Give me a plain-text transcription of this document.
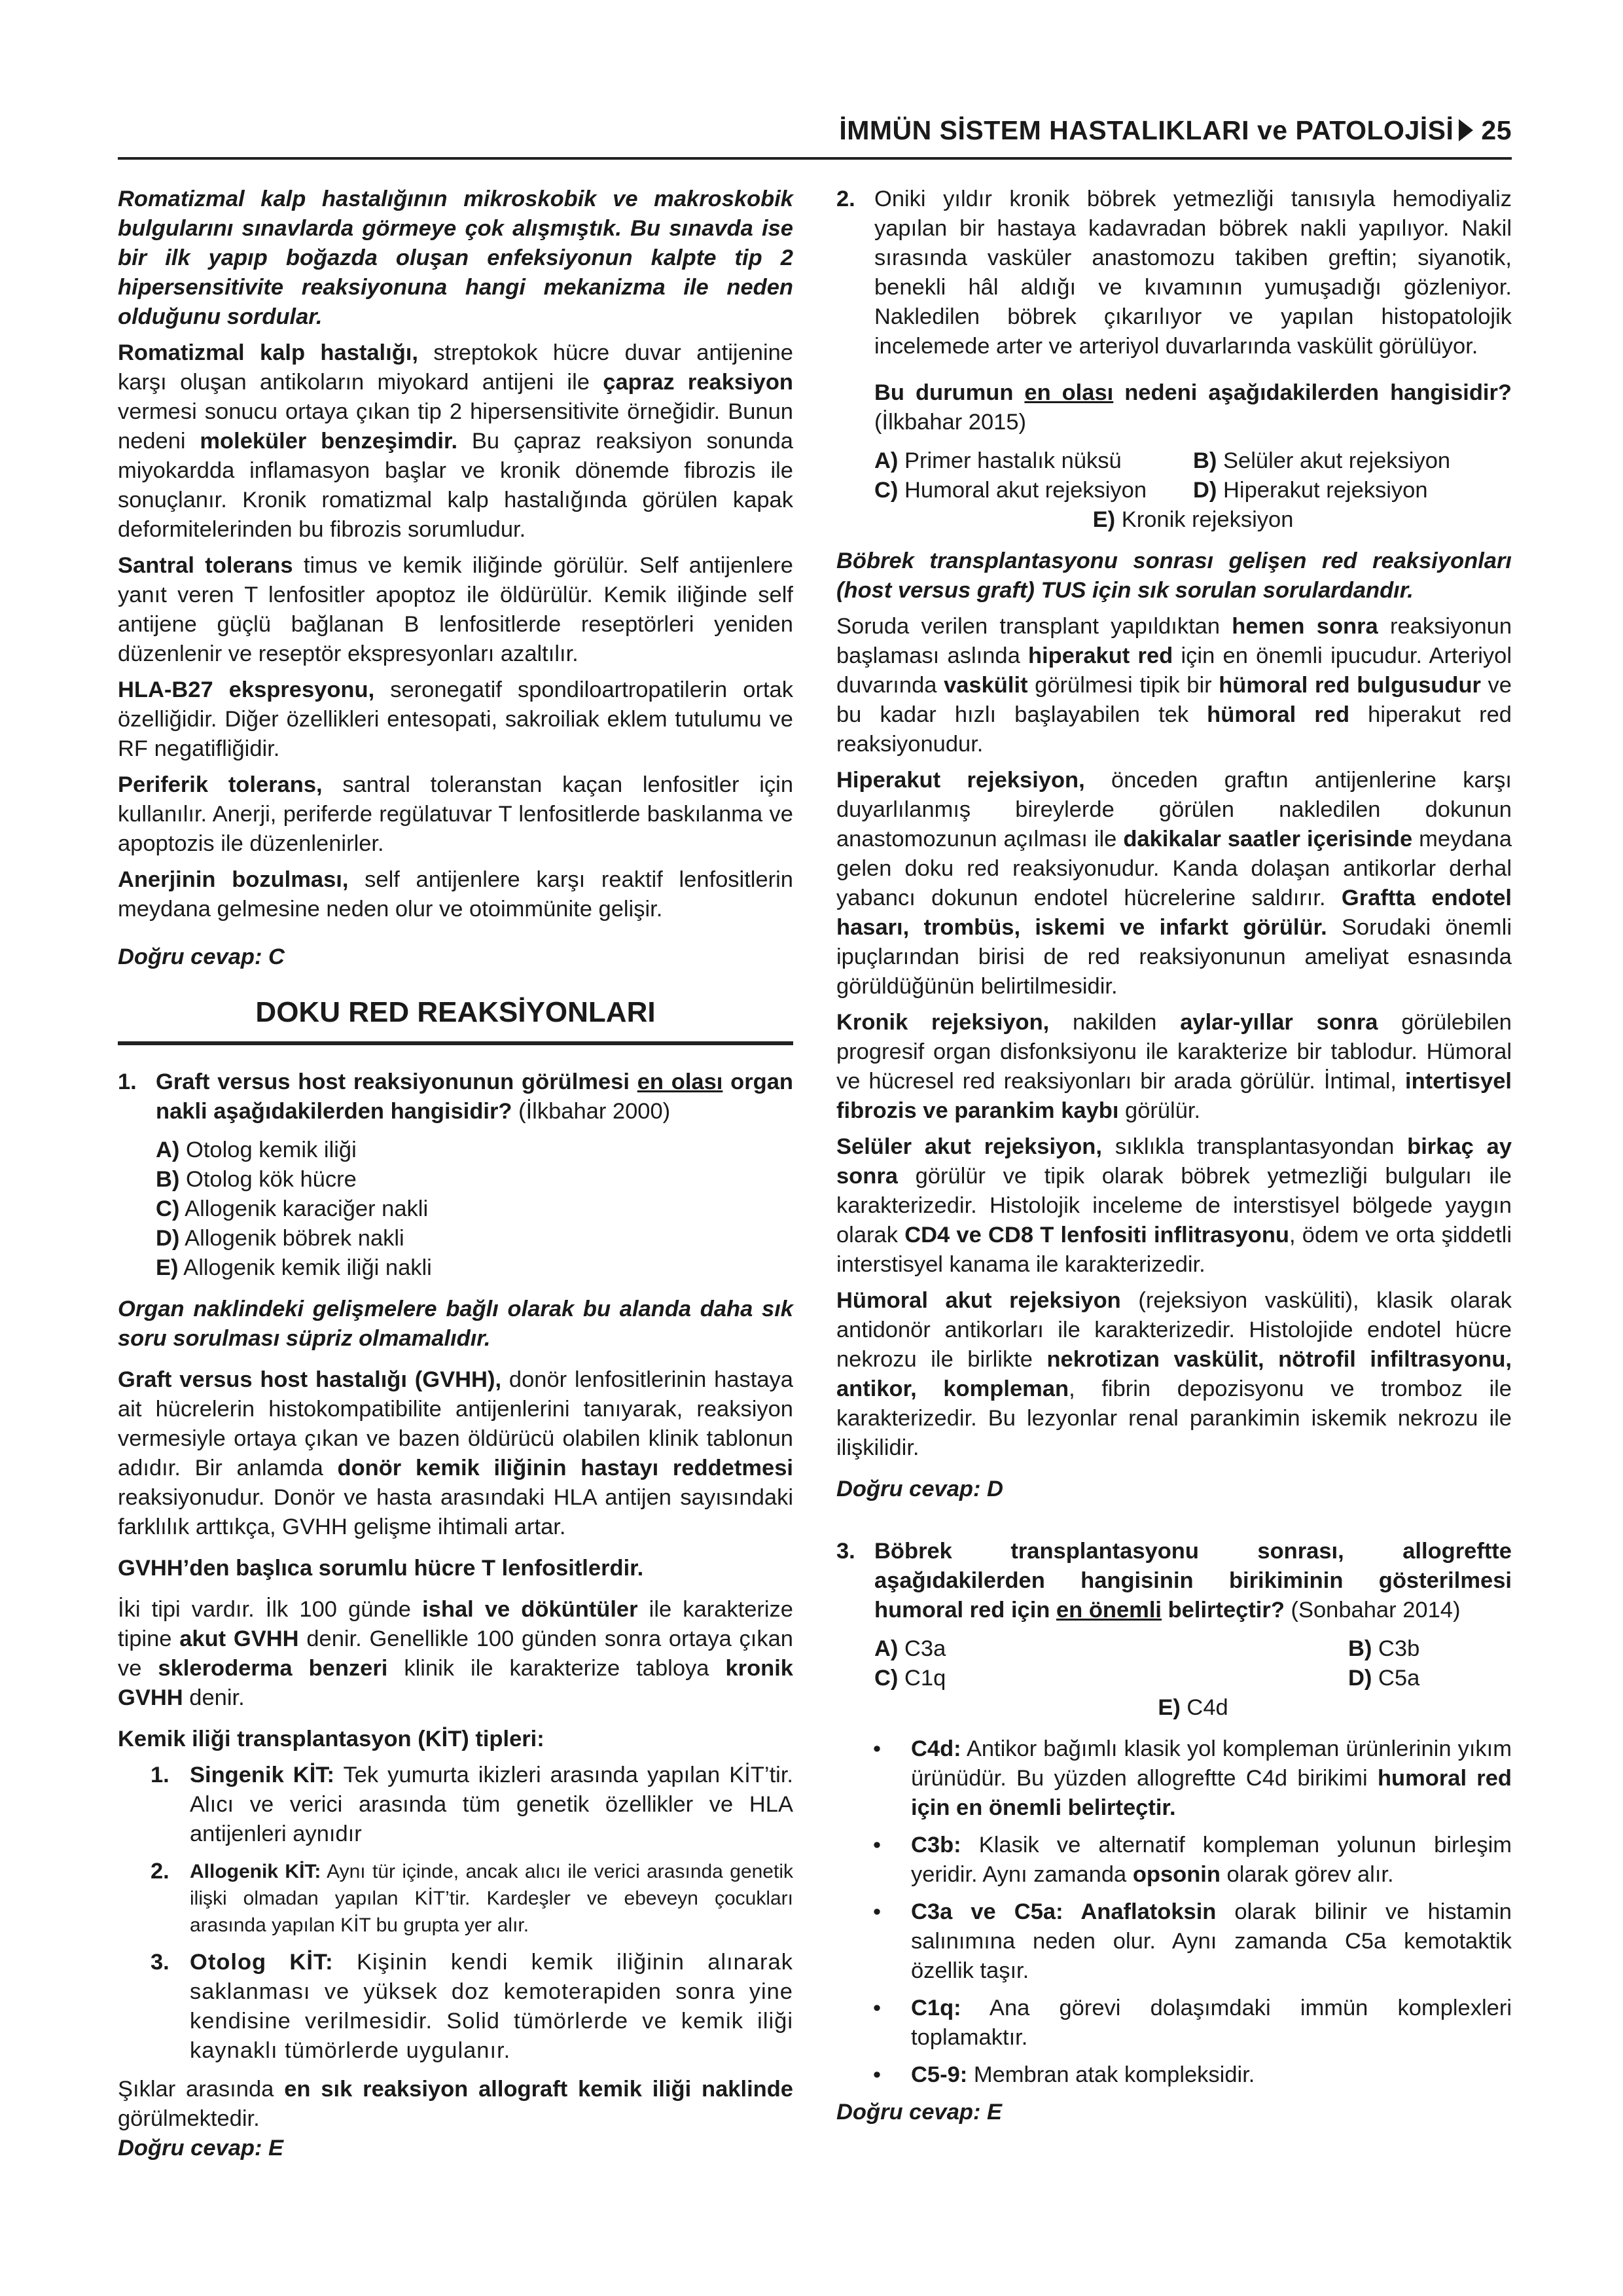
İMMÜN SİSTEM HASTALIKLARI ve PATOLOJİSİ 25

Romatizmal kalp hastalığının mikroskobik ve makroskobik bulgularını sınavlarda görmeye çok alışmıştık. Bu sınavda ise bir ilk yapıp boğazda oluşan enfeksiyonun kalpte tip 2 hipersensitivite reaksiyonuna hangi mekanizma ile neden olduğunu sordular.

Romatizmal kalp hastalığı, streptokok hücre duvar antijenine karşı oluşan antikoların miyokard antijeni ile çapraz reaksiyon vermesi sonucu ortaya çıkan tip 2 hipersensitivite örneğidir. Bunun nedeni moleküler benzeşimdir. Bu çapraz reaksiyon sonunda miyokardda inflamasyon başlar ve kronik dönemde fibrozis ile sonuçlanır. Kronik romatizmal kalp hastalığında görülen kapak deformitelerinden bu fibrozis sorumludur.

Santral tolerans timus ve kemik iliğinde görülür. Self antijenlere yanıt veren T lenfositler apoptoz ile öldürülür. Kemik iliğinde self antijene güçlü bağlanan B lenfositlerde reseptörleri yeniden düzenlenir ve reseptör ekspresyonları azaltılır.

HLA-B27 ekspresyonu, seronegatif spondiloartropatilerin ortak özelliğidir. Diğer özellikleri entesopati, sakroiliak eklem tutulumu ve RF negatifliğidir.

Periferik tolerans, santral toleranstan kaçan lenfositler için kullanılır. Anerji, periferde regülatuvar T lenfositlerde baskılanma ve apoptozis ile düzenlenirler.

Anerjinin bozulması, self antijenlere karşı reaktif lenfositlerin meydana gelmesine neden olur ve otoimmünite gelişir.

Doğru cevap: C

DOKU RED REAKSİYONLARI
1. Graft versus host reaksiyonunun görülmesi en olası organ nakli aşağıdakilerden hangisidir? (İlkbahar 2000)
A) Otolog kemik iliği
B) Otolog kök hücre
C) Allogenik karaciğer nakli
D) Allogenik böbrek nakli
E) Allogenik kemik iliği nakli

Organ naklindeki gelişmelere bağlı olarak bu alanda daha sık soru sorulması süpriz olmamalıdır.

Graft versus host hastalığı (GVHH), donör lenfositlerinin hastaya ait hücrelerin histokompatibilite antijenlerini tanıyarak, reaksiyon vermesiyle ortaya çıkan ve bazen öldürücü olabilen klinik tablonun adıdır. Bir anlamda donör kemik iliğinin hastayı reddetmesi reaksiyonudur. Donör ve hasta arasındaki HLA antijen sayısındaki farklılık arttıkça, GVHH gelişme ihtimali artar.

GVHH’den başlıca sorumlu hücre T lenfositlerdir.

İki tipi vardır. İlk 100 günde ishal ve döküntüler ile karakterize tipine akut GVHH denir. Genellikle 100 günden sonra ortaya çıkan ve skleroderma benzeri klinik ile karakterize tabloya kronik GVHH denir.

Kemik iliği transplantasyon (KİT) tipleri:

1. Singenik KİT: Tek yumurta ikizleri arasında yapılan KİT’tir. Alıcı ve verici arasında tüm genetik özellikler ve HLA antijenleri aynıdır
2.	Allogenik KİT: Aynı tür içinde, ancak alıcı ile verici arasında genetik ilişki olmadan yapılan KİT’tir. Kardeşler ve ebeveyn çocukları arasında yapılan KİT bu grupta yer alır.
3. Otolog KİT: Kişinin kendi kemik iliğinin alınarak saklanması ve yüksek doz kemoterapiden sonra yine kendisine verilmesidir. Solid tümörlerde ve kemik iliği kaynaklı tümörlerde uygulanır.

Şıklar arasında en sık reaksiyon allograft kemik iliği naklinde görülmektedir.

Doğru cevap: E

2. Oniki yıldır kronik böbrek yetmezliği tanısıyla hemodiyaliz yapılan bir hastaya kadavradan böbrek nakli yapılıyor. Nakil sırasında vasküler anastomozu takiben greftin; siyanotik, benekli hâl aldığı ve kıvamının yumuşadığı gözleniyor. Nakledilen böbrek çıkarılıyor ve yapılan histopatolojik incelemede arter ve arteriyol duvarlarında vaskülit görülüyor.
Bu durumun en olası nedeni aşağıdakilerden hangisidir? (İlkbahar 2015)
A) Primer hastalık nüksü	B) Selüler akut rejeksiyon
C) Humoral akut rejeksiyon	D) Hiperakut rejeksiyon
E) Kronik rejeksiyon

Böbrek transplantasyonu sonrası gelişen red reaksiyonları (host versus graft) TUS için sık sorulan sorulardandır.

Soruda verilen transplant yapıldıktan hemen sonra reaksiyonun başlaması aslında hiperakut red için en önemli ipucudur. Arteriyol duvarında vaskülit görülmesi tipik bir hümoral red bulgusudur ve bu kadar hızlı başlayabilen tek hümoral red hiperakut red reaksiyonudur.

Hiperakut rejeksiyon, önceden graftın antijenlerine karşı duyarlılanmış bireylerde görülen nakledilen dokunun anastomozunun açılması ile dakikalar saatler içerisinde meydana gelen doku red reaksiyonudur. Kanda dolaşan antikorlar derhal yabancı dokunun endotel hücrelerine saldırır. Graftta endotel hasarı, trombüs, iskemi ve infarkt görülür. Sorudaki önemli ipuçlarından birisi de red reaksiyonunun ameliyat esnasında görüldüğünün belirtilmesidir.

Kronik rejeksiyon, nakilden aylar-yıllar sonra görülebilen progresif organ disfonksiyonu ile karakterize bir tablodur. Hümoral ve hücresel red reaksiyonları bir arada görülür. İntimal, intertisyel fibrozis ve parankim kaybı görülür.

Selüler akut rejeksiyon, sıklıkla transplantasyondan birkaç ay sonra görülür ve tipik olarak böbrek yetmezliği bulguları ile karakterizedir. Histolojik inceleme de interstisyel bölgede yaygın olarak CD4 ve CD8 T lenfositi inflitrasyonu, ödem ve orta şiddetli interstisyel kanama ile karakterizedir.

Hümoral akut rejeksiyon (rejeksiyon vasküliti), klasik olarak antidonör antikorları ile karakterizedir. Histolojide endotel hücre nekrozu ile birlikte nekrotizan vaskülit, nötrofil infiltrasyonu, antikor, kompleman, fibrin depozisyonu ve tromboz ile karakterizedir. Bu lezyonlar renal parankimin iskemik nekrozu ile ilişkilidir.

Doğru cevap: D

3. Böbrek transplantasyonu sonrası, allogreftte aşağıdakilerden hangisinin birikiminin gösterilmesi humoral red için en önemli belirteçtir? (Sonbahar 2014)
A) C3a	B) C3b
C) C1q	D) C5a
E) C4d
•	C4d: Antikor bağımlı klasik yol kompleman ürünlerinin yıkım ürünüdür. Bu yüzden allogreftte C4d birikimi humoral red için en önemli belirteçtir.
•	C3b: Klasik ve alternatif kompleman yolunun birleşim yeridir. Aynı zamanda opsonin olarak görev alır.
•	C3a ve C5a: Anaflatoksin olarak bilinir ve histamin salınımına neden olur. Aynı zamanda C5a kemotaktik özellik taşır.
•	C1q: Ana görevi dolaşımdaki immün komplexleri toplamaktır.
•	C5-9: Membran atak kompleksidir.

Doğru cevap: E
